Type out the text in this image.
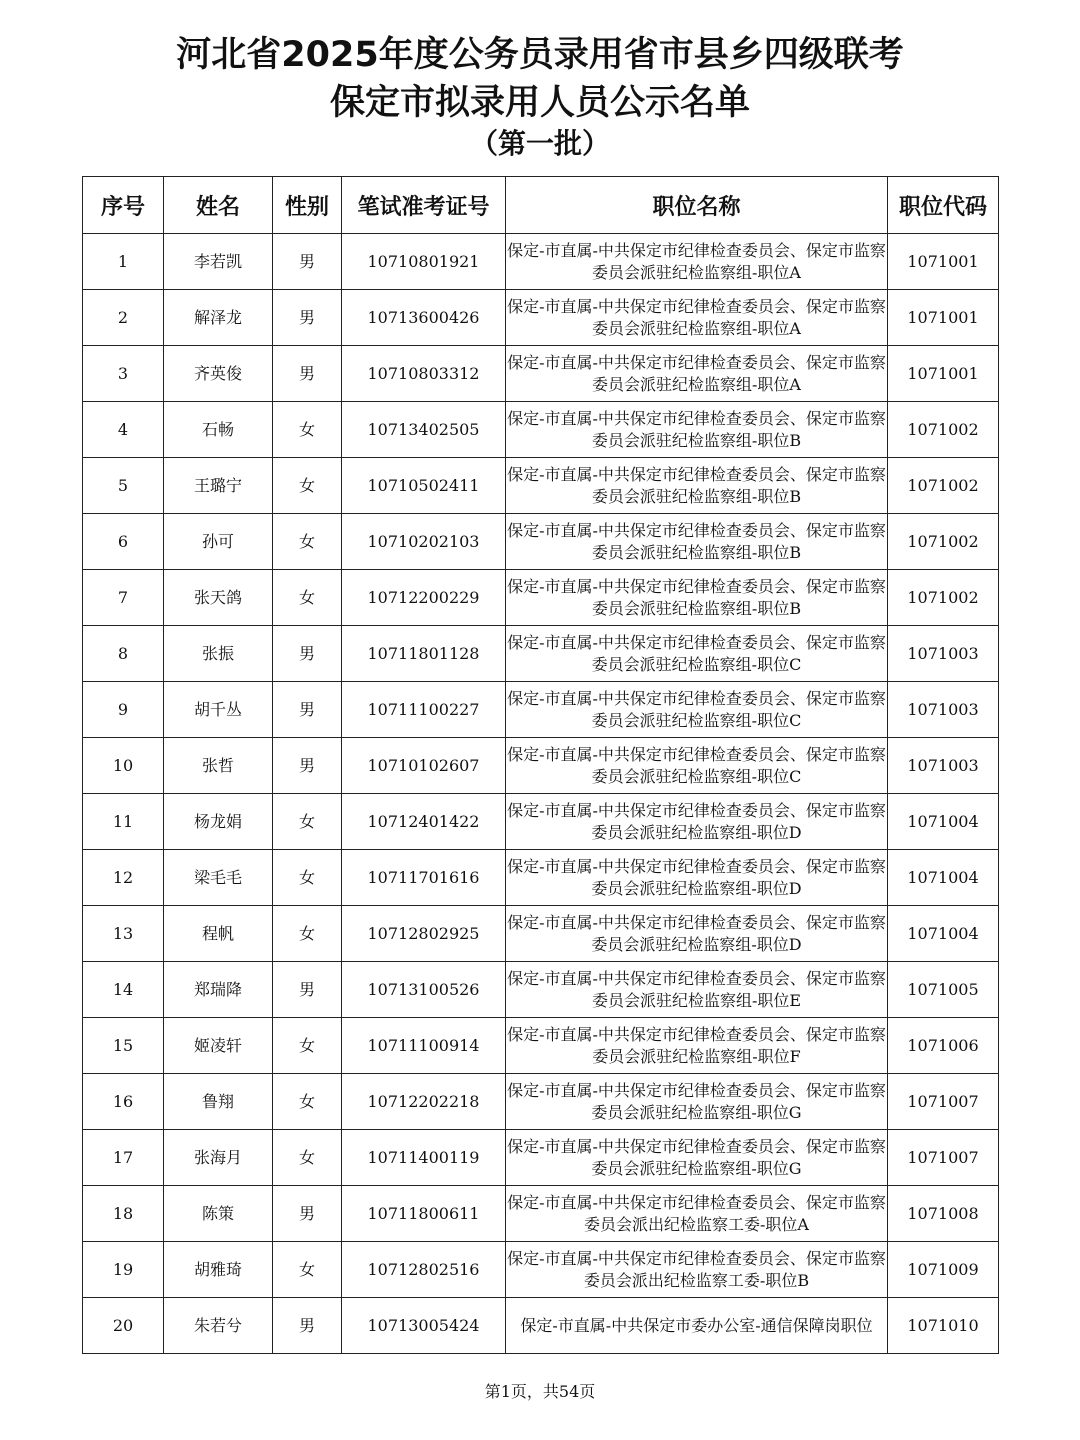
河北省2025年度公务员录用省市县乡四级联考
保定市拟录用人员公示名单
（第一批）
序号	姓名	性别	笔试准考证号	职位名称	职位代码
1	李若凯	男	10710801921	保定-市直属-中共保定市纪律检查委员会、保定市监察委员会派驻纪检监察组-职位A	1071001
2	解泽龙	男	10713600426	保定-市直属-中共保定市纪律检查委员会、保定市监察委员会派驻纪检监察组-职位A	1071001
3	齐英俊	男	10710803312	保定-市直属-中共保定市纪律检查委员会、保定市监察委员会派驻纪检监察组-职位A	1071001
4	石畅	女	10713402505	保定-市直属-中共保定市纪律检查委员会、保定市监察委员会派驻纪检监察组-职位B	1071002
5	王璐宁	女	10710502411	保定-市直属-中共保定市纪律检查委员会、保定市监察委员会派驻纪检监察组-职位B	1071002
6	孙可	女	10710202103	保定-市直属-中共保定市纪律检查委员会、保定市监察委员会派驻纪检监察组-职位B	1071002
7	张天鸽	女	10712200229	保定-市直属-中共保定市纪律检查委员会、保定市监察委员会派驻纪检监察组-职位B	1071002
8	张振	男	10711801128	保定-市直属-中共保定市纪律检查委员会、保定市监察委员会派驻纪检监察组-职位C	1071003
9	胡千丛	男	10711100227	保定-市直属-中共保定市纪律检查委员会、保定市监察委员会派驻纪检监察组-职位C	1071003
10	张哲	男	10710102607	保定-市直属-中共保定市纪律检查委员会、保定市监察委员会派驻纪检监察组-职位C	1071003
11	杨龙娟	女	10712401422	保定-市直属-中共保定市纪律检查委员会、保定市监察委员会派驻纪检监察组-职位D	1071004
12	梁毛毛	女	10711701616	保定-市直属-中共保定市纪律检查委员会、保定市监察委员会派驻纪检监察组-职位D	1071004
13	程帆	女	10712802925	保定-市直属-中共保定市纪律检查委员会、保定市监察委员会派驻纪检监察组-职位D	1071004
14	郑瑞降	男	10713100526	保定-市直属-中共保定市纪律检查委员会、保定市监察委员会派驻纪检监察组-职位E	1071005
15	姬凌轩	女	10711100914	保定-市直属-中共保定市纪律检查委员会、保定市监察委员会派驻纪检监察组-职位F	1071006
16	鲁翔	女	10712202218	保定-市直属-中共保定市纪律检查委员会、保定市监察委员会派驻纪检监察组-职位G	1071007
17	张海月	女	10711400119	保定-市直属-中共保定市纪律检查委员会、保定市监察委员会派驻纪检监察组-职位G	1071007
18	陈策	男	10711800611	保定-市直属-中共保定市纪律检查委员会、保定市监察委员会派出纪检监察工委-职位A	1071008
19	胡雅琦	女	10712802516	保定-市直属-中共保定市纪律检查委员会、保定市监察委员会派出纪检监察工委-职位B	1071009
20	朱若兮	男	10713005424	保定-市直属-中共保定市委办公室-通信保障岗职位	1071010
第1页，共54页
